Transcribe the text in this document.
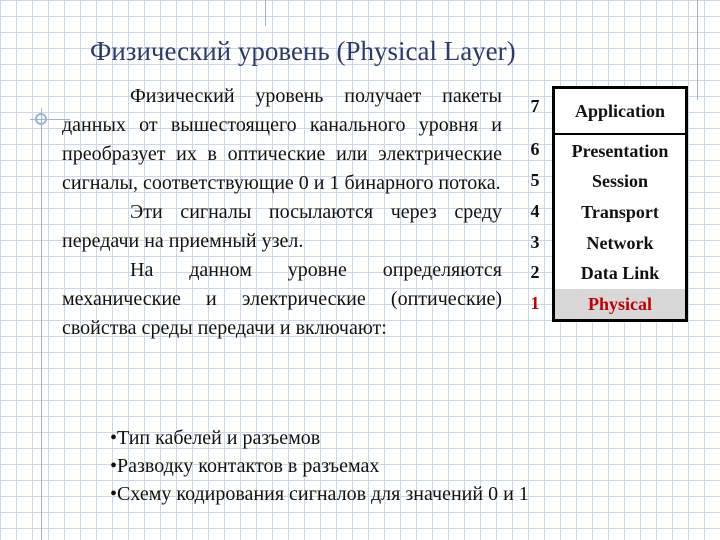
Физический уровень (Physical Layer)

Физический уровень получает пакеты данных от вышестоящего канального уровня и преобразует их в оптические или электрические сигналы, соответствующие 0 и 1 бинарного потока.

Эти сигналы посылаются через среду передачи на приемный узел.

На данном уровне определяются механические и электрические (оптические) свойства среды передачи и включают:

7
6
5
4
3
2
1
Application
Presentation
Session
Transport
Network
Data Link
Physical
•Тип кабелей и разъемов
•Разводку контактов в разъемах
•Схему кодирования сигналов для значений 0 и 1
